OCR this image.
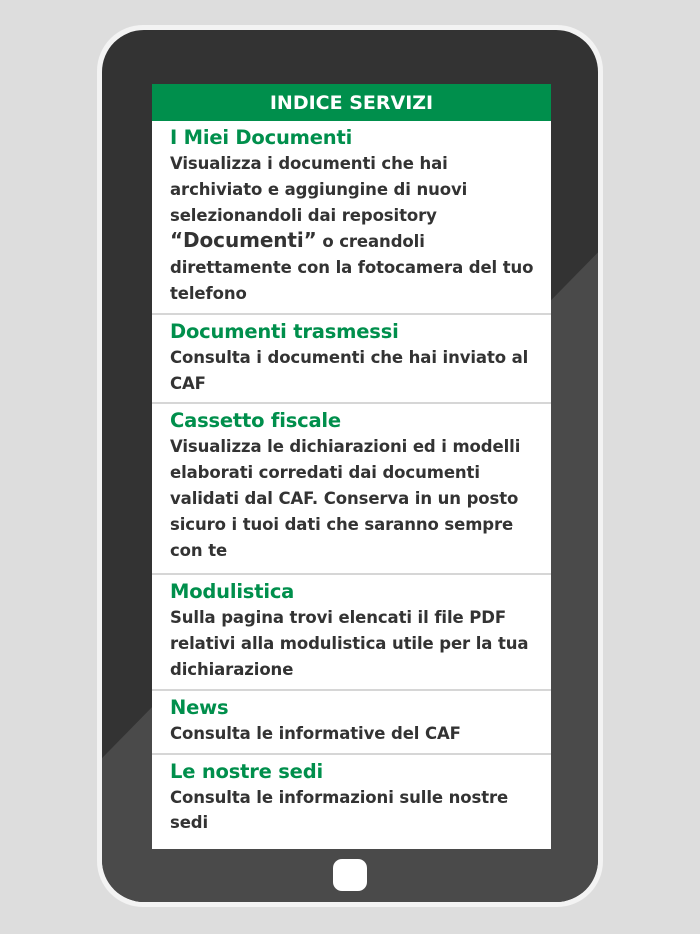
INDICE SERVIZI
I Miei Documenti
Visualizza i documenti che hai archiviato e aggiungine di nuovi selezionandoli dai repository “Documenti” o creandoli direttamente con la fotocamera del tuo telefono
Documenti trasmessi
Consulta i documenti che hai inviato al CAF
Cassetto fiscale
Visualizza le dichiarazioni ed i modelli elaborati corredati dai documenti validati dal CAF. Conserva in un posto sicuro i tuoi dati che saranno sempre con te
Modulistica
Sulla pagina trovi elencati il file PDF relativi alla modulistica utile per la tua dichiarazione
News
Consulta le informative del CAF
Le nostre sedi
Consulta le informazioni sulle nostre sedi
